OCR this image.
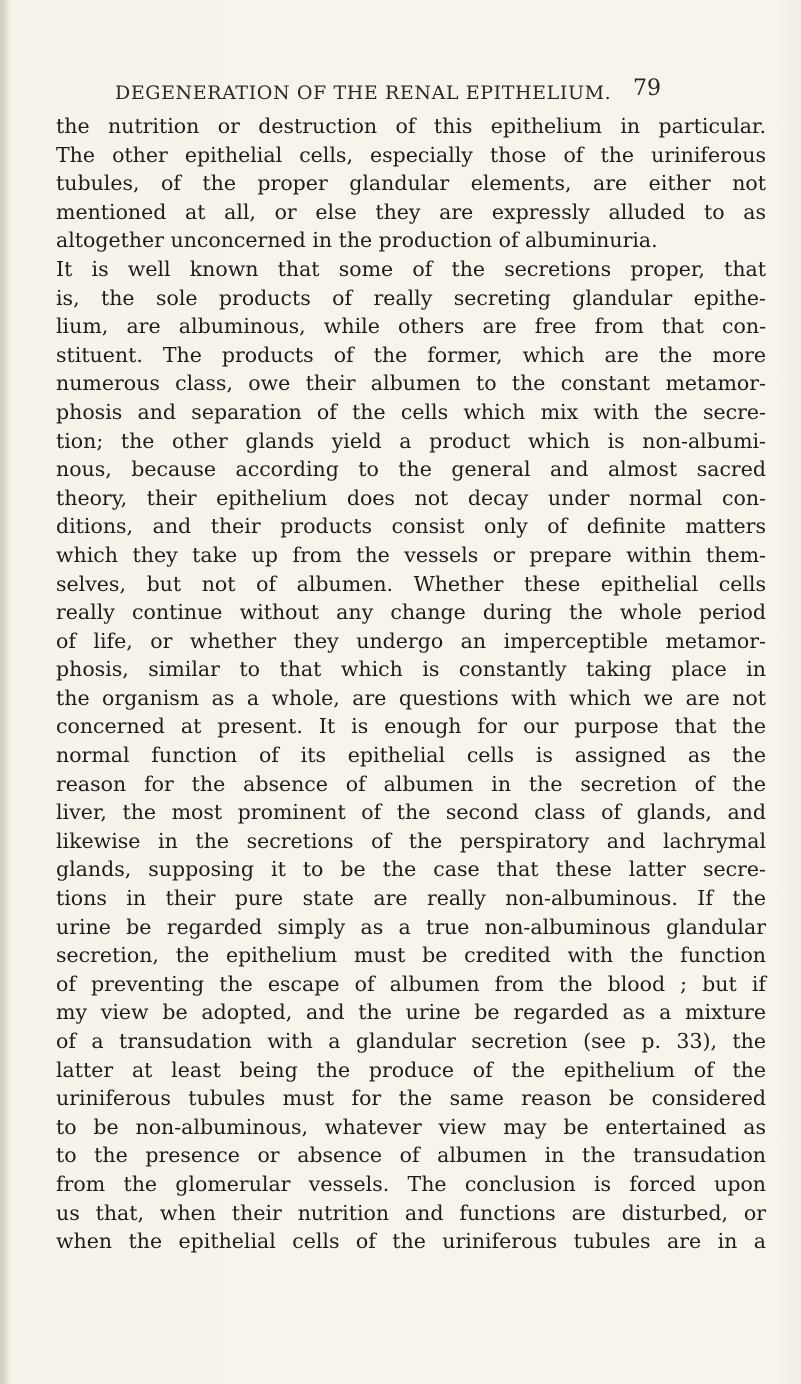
DEGENERATION OF THE RENAL EPITHELIUM. 79
the nutrition or destruction of this epithelium in particular.
The other epithelial cells, especially those of the uriniferous
tubules, of the proper glandular elements, are either not
mentioned at all, or else they are expressly alluded to as
altogether unconcerned in the production of albuminuria.
It is well known that some of the secretions proper, that
is, the sole products of really secreting glandular epithe-
lium, are albuminous, while others are free from that con-
stituent. The products of the former, which are the more
numerous class, owe their albumen to the constant metamor-
phosis and separation of the cells which mix with the secre-
tion; the other glands yield a product which is non-albumi-
nous, because according to the general and almost sacred
theory, their epithelium does not decay under normal con-
ditions, and their products consist only of definite matters
which they take up from the vessels or prepare within them-
selves, but not of albumen. Whether these epithelial cells
really continue without any change during the whole period
of life, or whether they undergo an imperceptible metamor-
phosis, similar to that which is constantly taking place in
the organism as a whole, are questions with which we are not
concerned at present. It is enough for our purpose that the
normal function of its epithelial cells is assigned as the
reason for the absence of albumen in the secretion of the
liver, the most prominent of the second class of glands, and
likewise in the secretions of the perspiratory and lachrymal
glands, supposing it to be the case that these latter secre-
tions in their pure state are really non-albuminous. If the
urine be regarded simply as a true non-albuminous glandular
secretion, the epithelium must be credited with the function
of preventing the escape of albumen from the blood ; but if
my view be adopted, and the urine be regarded as a mixture
of a transudation with a glandular secretion (see p. 33), the
latter at least being the produce of the epithelium of the
uriniferous tubules must for the same reason be considered
to be non-albuminous, whatever view may be entertained as
to the presence or absence of albumen in the transudation
from the glomerular vessels. The conclusion is forced upon
us that, when their nutrition and functions are disturbed, or
when the epithelial cells of the uriniferous tubules are in a
